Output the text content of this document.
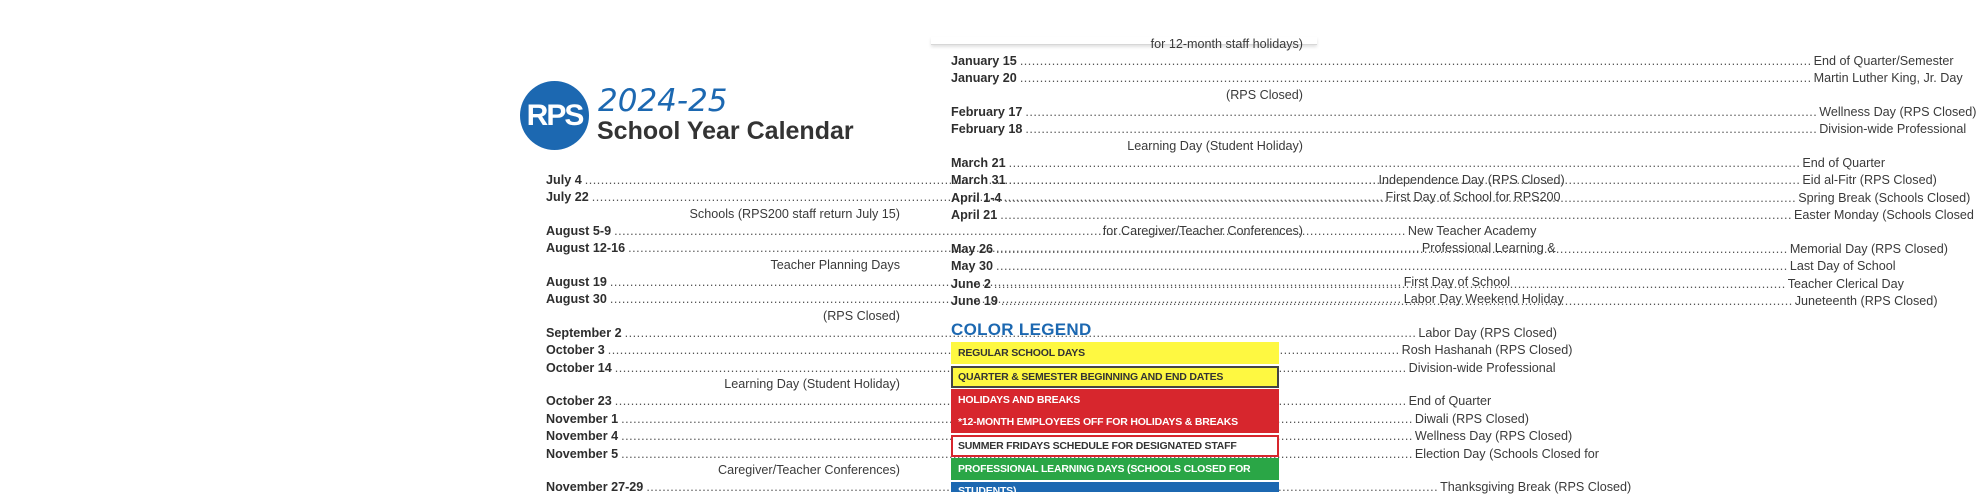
RPS 2024-25
School Year Calendar
July 4 .....	Independence Day (RPS Closed)
July 22 .....	First Day of School for RPS200
Schools (RPS200 staff return July 15)
August 5-9 .....	New Teacher Academy
August 12-16 .....	Professional Learning &
Teacher Planning Days
August 19 .....	First Day of School
August 30 .....	Labor Day Weekend Holiday
(RPS Closed)
September 2 .....	Labor Day (RPS Closed)
October 3 .....	Rosh Hashanah (RPS Closed)
October 14 .....	Division-wide Professional
Learning Day (Student Holiday)
October 23 .....	End of Quarter
November 1 .....	Diwali (RPS Closed)
November 4 .....	Wellness Day (RPS Closed)
November 5 .....	Election Day (Schools Closed for
Caregiver/Teacher Conferences)
November 27-29 .....	Thanksgiving Break (RPS Closed)
for 12-month staff holidays)
January 15 .....	End of Quarter/Semester
January 20 .....	Martin Luther King, Jr. Day
(RPS Closed)
February 17 .....	Wellness Day (RPS Closed)
February 18 .....	Division-wide Professional
Learning Day (Student Holiday)
March 21 .....	End of Quarter
March 31 .....	Eid al-Fitr (RPS Closed)
April 1-4 .....	Spring Break (Schools Closed)
April 21 .....	Easter Monday (Schools Closed
for Caregiver/Teacher Conferences)
May 26 .....	Memorial Day (RPS Closed)
May 30 .....	Last Day of School
June 2 .....	Teacher Clerical Day
June 19 .....	Juneteenth (RPS Closed)
COLOR LEGEND
REGULAR SCHOOL DAYS
QUARTER & SEMESTER BEGINNING AND END DATES
HOLIDAYS AND BREAKS
*12-MONTH EMPLOYEES OFF FOR HOLIDAYS & BREAKS
SUMMER FRIDAYS SCHEDULE FOR DESIGNATED STAFF
PROFESSIONAL LEARNING DAYS (SCHOOLS CLOSED FOR STUDENTS)
